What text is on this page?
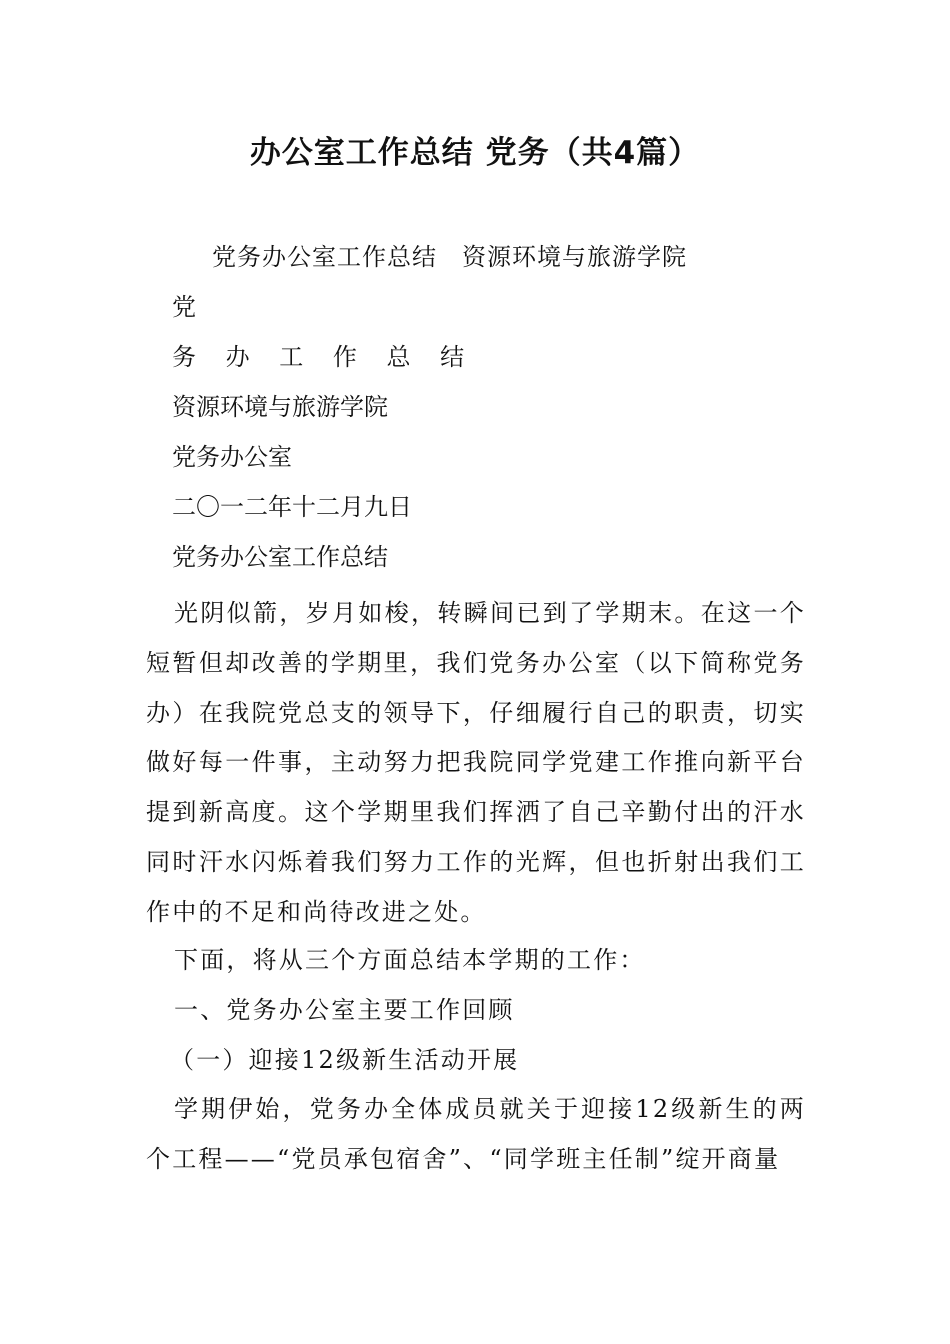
办公室工作总结 党务（共4篇）
党务办公室工作总结　资源环境与旅游学院
党
务 办 工 作 总 结
资源环境与旅游学院
党务办公室
二〇一二年十二月九日
党务办公室工作总结
光阴似箭，岁月如梭，转瞬间已到了学期末。在这一个短暂但却改善的学期里，我们党务办公室（以下简称党务办）在我院党总支的领导下，仔细履行自己的职责，切实做好每一件事，主动努力把我院同学党建工作推向新平台提到新高度。这个学期里我们挥洒了自己辛勤付出的汗水同时汗水闪烁着我们努力工作的光辉，但也折射出我们工作中的不足和尚待改进之处。
下面，将从三个方面总结本学期的工作：
一、党务办公室主要工作回顾
（一）迎接12级新生活动开展
学期伊始，党务办全体成员就关于迎接12级新生的两个工程——“党员承包宿舍”、“同学班主任制”绽开商量
